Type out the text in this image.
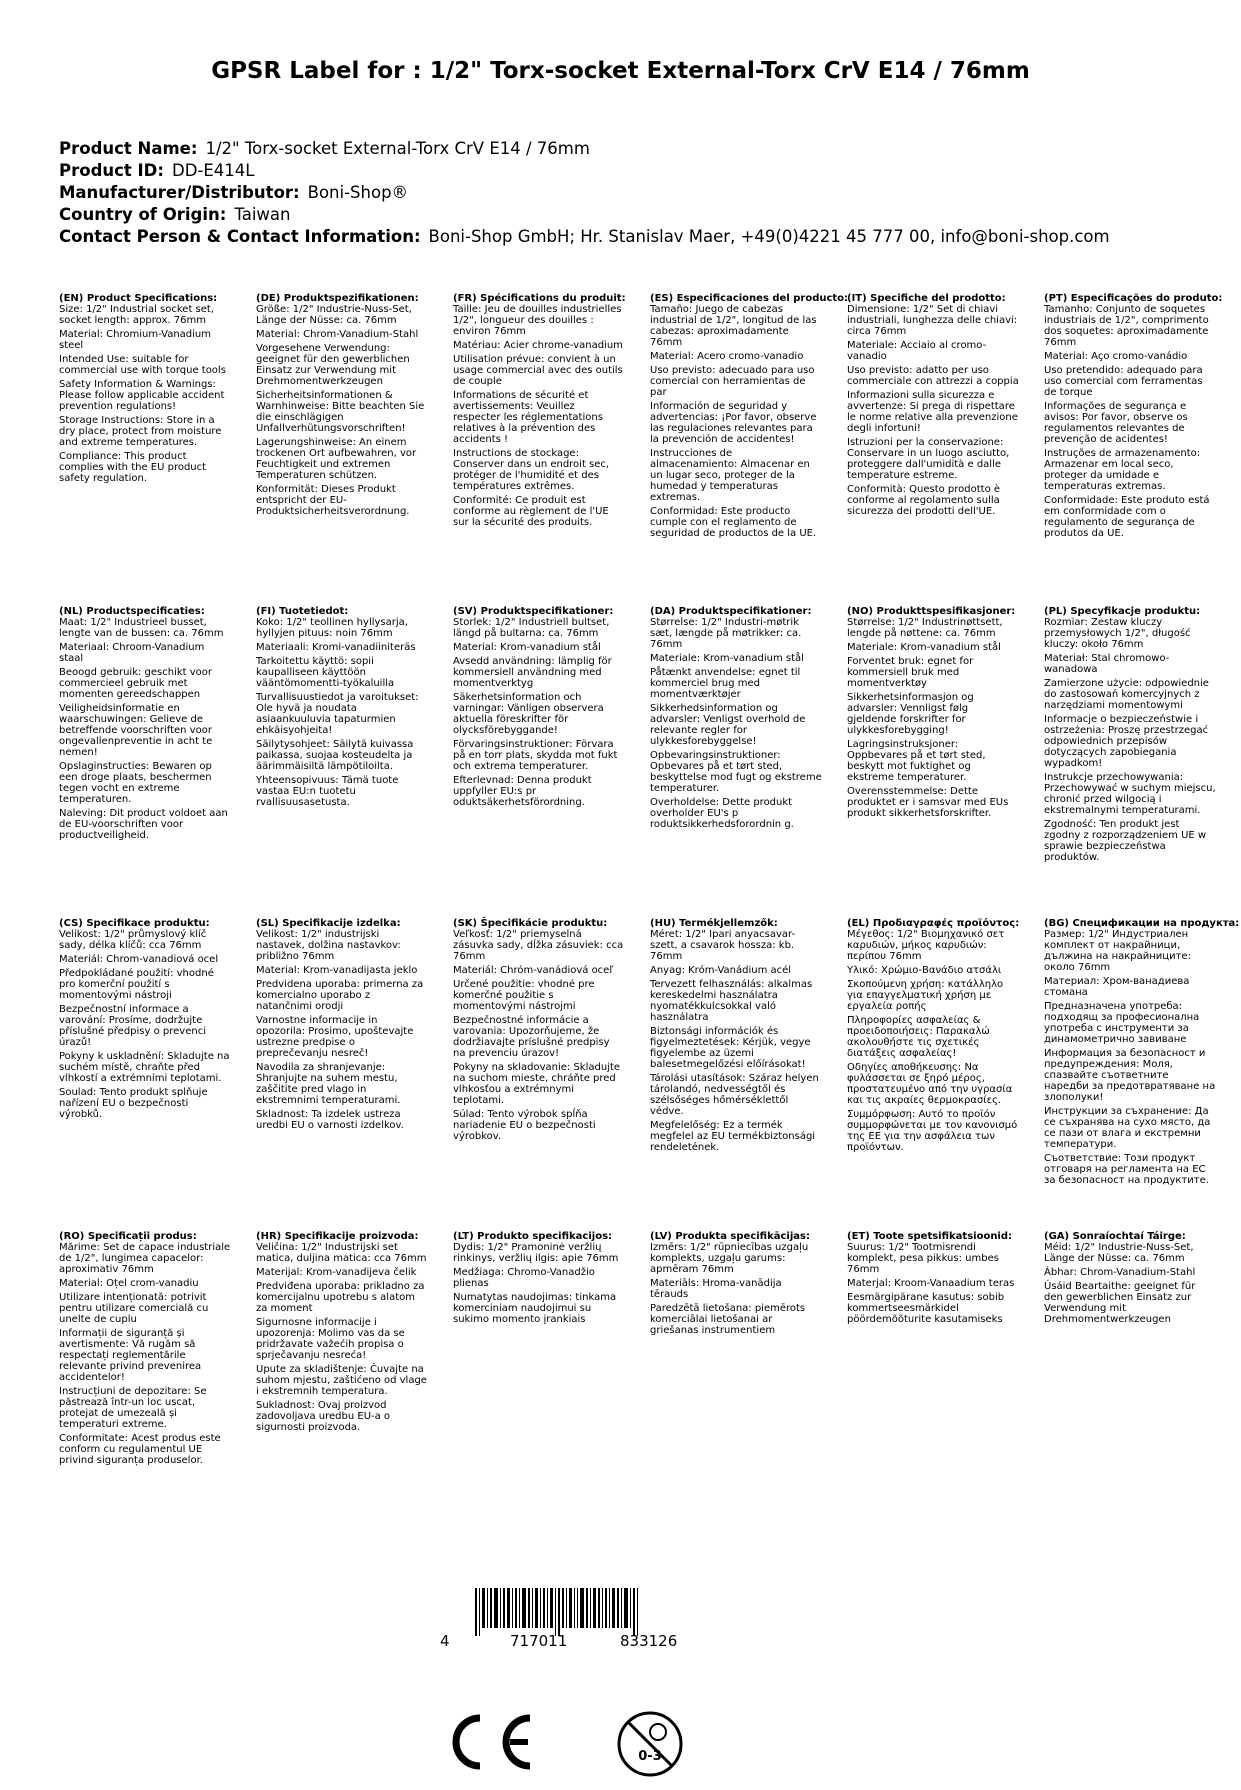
GPSR Label for : 1/2" Torx-socket External-Torx CrV E14 / 76mm
Product Name: 1/2" Torx-socket External-Torx CrV E14 / 76mm
Product ID: DD-E414L
Manufacturer/Distributor: Boni-Shop®
Country of Origin: Taiwan
Contact Person & Contact Information: Boni-Shop GmbH; Hr. Stanislav Maer, +49(0)4221 45 777 00, info@boni-shop.com
(EN) Product Specifications:

Size: 1/2" Industrial socket set, socket length: approx. 76mm

Material: Chromium-Vanadium steel

Intended Use: suitable for commercial use with torque tools

Safety Information & Warnings: Please follow applicable accident prevention regulations!

Storage Instructions: Store in a dry place, protect from moisture and extreme temperatures.

Compliance: This product complies with the EU product safety regulation.

(DE) Produktspezifikationen:

Größe: 1/2" Industrie-Nuss-Set, Länge der Nüsse: ca. 76mm

Material: Chrom-Vanadium-Stahl

Vorgesehene Verwendung: geeignet für den gewerblichen Einsatz zur Verwendung mit Drehmomentwerkzeugen

Sicherheitsinformationen & Warnhinweise: Bitte beachten Sie die einschlägigen Unfallverhütungsvorschriften!

Lagerungshinweise: An einem trockenen Ort aufbewahren, vor Feuchtigkeit und extremen Temperaturen schützen.

Konformität: Dieses Produkt entspricht der EU-Produktsicherheitsverordnung.

(FR) Spécifications du produit:

Taille: Jeu de douilles industrielles 1/2", longueur des douilles : environ 76mm

Matériau: Acier chrome-vanadium

Utilisation prévue: convient à un usage commercial avec des outils de couple

Informations de sécurité et avertissements: Veuillez respecter les réglementations relatives à la prévention des accidents !

Instructions de stockage: Conserver dans un endroit sec, protéger de l'humidité et des températures extrêmes.

Conformité: Ce produit est conforme au règlement de l'UE sur la sécurité des produits.

(ES) Especificaciones del producto:

Tamaño: Juego de cabezas industrial de 1/2", longitud de las cabezas: aproximadamente 76mm

Material: Acero cromo-vanadio

Uso previsto: adecuado para uso comercial con herramientas de par

Información de seguridad y advertencias: ¡Por favor, observe las regulaciones relevantes para la prevención de accidentes!

Instrucciones de almacenamiento: Almacenar en un lugar seco, proteger de la humedad y temperaturas extremas.

Conformidad: Este producto cumple con el reglamento de seguridad de productos de la UE.

(IT) Specifiche del prodotto:

Dimensione: 1/2" Set di chiavi industriali, lunghezza delle chiavi: circa 76mm

Materiale: Acciaio al cromo-vanadio

Uso previsto: adatto per uso commerciale con attrezzi a coppia

Informazioni sulla sicurezza e avvertenze: Si prega di rispettare le norme relative alla prevenzione degli infortuni!

Istruzioni per la conservazione: Conservare in un luogo asciutto, proteggere dall'umidità e dalle temperature estreme.

Conformità: Questo prodotto è conforme al regolamento sulla sicurezza dei prodotti dell'UE.

(PT) Especificações do produto:

Tamanho: Conjunto de soquetes industriais de 1/2", comprimento dos soquetes: aproximadamente 76mm

Material: Aço cromo-vanádio

Uso pretendido: adequado para uso comercial com ferramentas de torque

Informações de segurança e avisos: Por favor, observe os regulamentos relevantes de prevenção de acidentes!

Instruções de armazenamento: Armazenar em local seco, proteger da umidade e temperaturas extremas.

Conformidade: Este produto está em conformidade com o regulamento de segurança de produtos da UE.

(NL) Productspecificaties:

Maat: 1/2" Industrieel busset, lengte van de bussen: ca. 76mm

Materiaal: Chroom-Vanadium staal

Beoogd gebruik: geschikt voor commercieel gebruik met momenten gereedschappen

Veiligheidsinformatie en waarschuwingen: Gelieve de betreffende voorschriften voor ongevallenpreventie in acht te nemen!

Opslaginstructies: Bewaren op een droge plaats, beschermen tegen vocht en extreme temperaturen.

Naleving: Dit product voldoet aan de EU-voorschriften voor productveiligheid.

(FI) Tuotetiedot:

Koko: 1/2" teollinen hyllysarja, hyllyjen pituus: noin 76mm

Materiaali: Kromi-vanadiiniteräs

Tarkoitettu käyttö: sopii kaupalliseen käyttöön vääntömomentti-työkaluilla

Turvallisuustiedot ja varoitukset: Ole hyvä ja noudata asiaankuuluvia tapaturmien ehkäisyohjeita!

Säilytysohjeet: Säilytä kuivassa paikassa, suojaa kosteudelta ja äärimmäisiltä lämpötiloilta.

Yhteensopivuus: Tämä tuote vastaa EU:n tuotetu rvallisuusasetusta.

(SV) Produktspecifikationer:

Storlek: 1/2" Industriell bultset, längd på bultarna: ca. 76mm

Material: Krom-vanadium stål

Avsedd användning: lämplig för kommersiell användning med momentverktyg

Säkerhetsinformation och varningar: Vänligen observera aktuella föreskrifter för olycksförebyggande!

Förvaringsinstruktioner: Förvara på en torr plats, skydda mot fukt och extrema temperaturer.

Efterlevnad: Denna produkt uppfyller EU:s pr oduktsäkerhetsförordning.

(DA) Produktspecifikationer:

Størrelse: 1/2" Industri-møtrik sæt, længde på møtrikker: ca. 76mm

Materiale: Krom-vanadium stål

Påtænkt anvendelse: egnet til kommerciel brug med momentværktøjer

Sikkerhedsinformation og advarsler: Venligst overhold de relevante regler for ulykkesforebyggelse!

Opbevaringsinstruktioner: Opbevares på et tørt sted, beskyttelse mod fugt og ekstreme temperaturer.

Overholdelse: Dette produkt overholder EU's p roduktsikkerhedsforordnin g.

(NO) Produkttspesifikasjoner:

Størrelse: 1/2" Industrinøttsett, lengde på nøttene: ca. 76mm

Materiale: Krom-vanadium stål

Forventet bruk: egnet for kommersiell bruk med momentverktøy

Sikkerhetsinformasjon og advarsler: Vennligst følg gjeldende forskrifter for ulykkesforebygging!

Lagringsinstruksjoner: Oppbevares på et tørt sted, beskytt mot fuktighet og ekstreme temperaturer.

Overensstemmelse: Dette produktet er i samsvar med EUs produkt sikkerhetsforskrifter.

(PL) Specyfikacje produktu:

Rozmiar: Zestaw kluczy przemysłowych 1/2", długość kluczy: około 76mm

Materiał: Stal chromowo-wanadowa

Zamierzone użycie: odpowiednie do zastosowań komercyjnych z narzędziami momentowymi

Informacje o bezpieczeństwie i ostrzeżenia: Proszę przestrzegać odpowiednich przepisów dotyczących zapobiegania wypadkom!

Instrukcje przechowywania: Przechowywać w suchym miejscu, chronić przed wilgocią i ekstremalnymi temperaturami.

Zgodność: Ten produkt jest zgodny z rozporządzeniem UE w sprawie bezpieczeństwa produktów.

(CS) Specifikace produktu:

Velikost: 1/2" průmyslový klíč sady, délka klíčů: cca 76mm

Materiál: Chrom-vanadiová ocel

Předpokládané použití: vhodné pro komerční použití s momentovými nástroji

Bezpečnostní informace a varování: Prosíme, dodržujte příslušné předpisy o prevenci úrazů!

Pokyny k uskladnění: Skladujte na suchém místě, chraňte před vlhkostí a extrémními teplotami.

Soulad: Tento produkt splňuje nařízení EU o bezpečnosti výrobků.

(SL) Specifikacije izdelka:

Velikost: 1/2" industrijski nastavek, dolžina nastavkov: približno 76mm

Material: Krom-vanadijasta jeklo

Predvidena uporaba: primerna za komercialno uporabo z natančnimi orodji

Varnostne informacije in opozorila: Prosimo, upoštevajte ustrezne predpise o preprečevanju nesreč!

Navodila za shranjevanje: Shranjujte na suhem mestu, zaščitite pred vlago in ekstremnimi temperaturami.

Skladnost: Ta izdelek ustreza uredbi EU o varnosti izdelkov.

(SK) Špecifikácie produktu:

Veľkosť: 1/2" priemyselná zásuvka sady, dĺžka zásuviek: cca 76mm

Materiál: Chróm-vanádiová oceľ

Určené použitie: vhodné pre komerčné použitie s momentovými nástrojmi

Bezpečnostné informácie a varovania: Upozorňujeme, že dodržiavajte príslušné predpisy na prevenciu úrazov!

Pokyny na skladovanie: Skladujte na suchom mieste, chráňte pred vlhkosťou a extrémnymi teplotami.

Súlad: Tento výrobok spĺňa nariadenie EU o bezpečnosti výrobkov.

(HU) Termékjellemzők:

Méret: 1/2" Ipari anyacsavar-szett, a csavarok hossza: kb. 76mm

Anyag: Króm-Vanádium acél

Tervezett felhasználás: alkalmas kereskedelmi használatra nyomatékkulcsokkal való használatra

Biztonsági információk és figyelmeztetések: Kérjük, vegye figyelembe az üzemi balesetmegelőzési előírásokat!

Tárolási utasítások: Száraz helyen tárolandó, nedvességtől és szélsőséges hőmérséklettől védve.

Megfelelőség: Ez a termék megfelel az EU termékbiztonsági rendeletének.

(EL) Προδιαγραφές προϊόντος:

Μέγεθος: 1/2" Βιομηχανικό σετ καρυδιών, μήκος καρυδιών: περίπου 76mm

Υλικό: Χρώμιο-Βανάδιο ατσάλι

Σκοπούμενη χρήση: κατάλληλο για επαγγελματική χρήση με εργαλεία ροπής

Πληροφορίες ασφαλείας & προειδοποιήσεις: Παρακαλώ ακολουθήστε τις σχετικές διατάξεις ασφαλείας!

Οδηγίες αποθήκευσης: Να φυλάσσεται σε ξηρό μέρος, προστατευμένο από την υγρασία και τις ακραίες θερμοκρασίες.

Συμμόρφωση: Αυτό το προϊόν συμμορφώνεται με τον κανονισμό της ΕΕ για την ασφάλεια των προϊόντων.

(BG) Спецификации на продукта:

Размер: 1/2" Индустриален комплект от накрайници, дължина на накрайниците: около 76mm

Материал: Хром-ванадиева стомана

Предназначена употреба: подходящ за професионална употреба с инструменти за динамометрично завиване

Информация за безопасност и предупреждения: Моля, спазвайте съответните наредби за предотвратяване на злополуки!

Инструкции за съхранение: Да се съхранява на сухо място, да се пази от влага и екстремни температури.

Съответствие: Този продукт отговаря на регламента на ЕС за безопасност на продуктите.

(RO) Specificații produs:

Mărime: Set de capace industriale de 1/2", lungimea capacelor: aproximativ 76mm

Material: Oțel crom-vanadiu

Utilizare intenționată: potrivit pentru utilizare comercială cu unelte de cuplu

Informații de siguranță și avertismente: Vă rugăm să respectați reglementările relevante privind prevenirea accidentelor!

Instrucțiuni de depozitare: Se păstrează într-un loc uscat, protejat de umezeală și temperaturi extreme.

Conformitate: Acest produs este conform cu regulamentul UE privind siguranța produselor.

(HR) Specifikacije proizvoda:

Veličina: 1/2" Industrijski set matica, duljina matica: cca 76mm

Materijal: Krom-vanadijeva čelik

Predviđena uporaba: prikladno za komercijalnu upotrebu s alatom za moment

Sigurnosne informacije i upozorenja: Molimo vas da se pridržavate važećih propisa o sprječavanju nesreća!

Upute za skladištenje: Čuvajte na suhom mjestu, zaštićeno od vlage i ekstremnih temperatura.

Sukladnost: Ovaj proizvod zadovoljava uredbu EU-a o sigurnosti proizvoda.

(LT) Produkto specifikacijos:

Dydis: 1/2" Pramoninė veržlių rinkinys, veržlių ilgis: apie 76mm

Medžiaga: Chromo-Vanadžio plienas

Numatytas naudojimas: tinkama komerciniam naudojimui su sukimo momento įrankiais

(LV) Produkta specifikācijas:

Izmērs: 1/2" rūpniecības uzgaļu komplekts, uzgaļu garums: apmēram 76mm

Materiāls: Hroma-vanādija tērauds

Paredzētā lietošana: piemērots komerciālai lietošanai ar griešanas instrumentiem

(ET) Toote spetsifikatsioonid:

Suurus: 1/2" Tootmisrendi komplekt, pesa pikkus: umbes 76mm

Materjal: Kroom-Vanaadium teras

Eesmärgipärane kasutus: sobib kommertseesmärkidel pöördemõõturite kasutamiseks

(GA) Sonraíochtaí Táirge:

Méid: 1/2" Industrie-Nuss-Set, Länge der Nüsse: ca. 76mm

Ábhar: Chrom-Vanadium-Stahl

Úsáid Beartaithe: geeignet für den gewerblichen Einsatz zur Verwendung mit Drehmomentwerkzeugen

4	717011	833126
0-3
